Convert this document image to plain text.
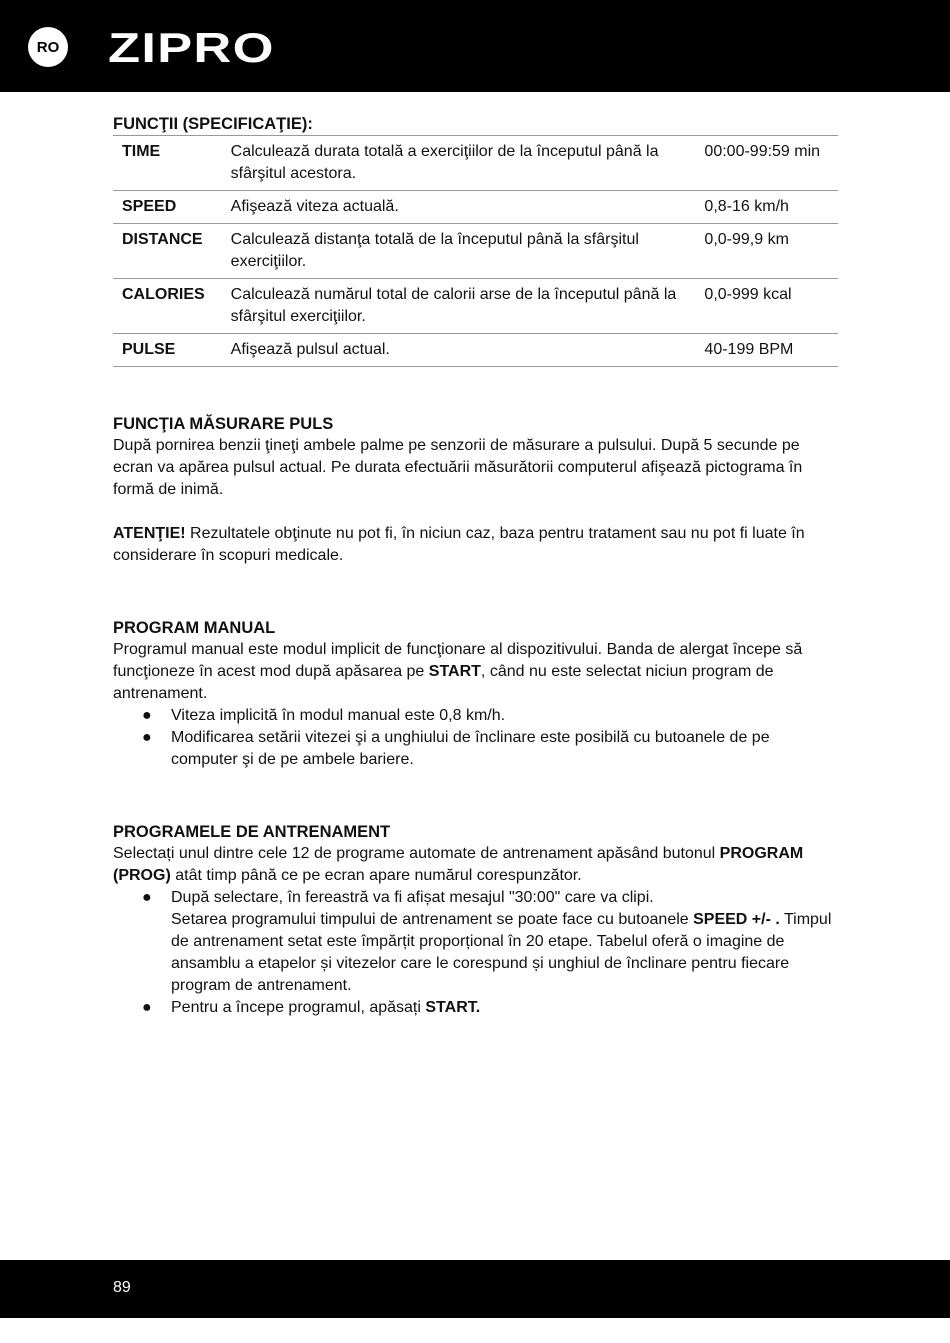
RO ZIPRO
FUNCŢII (SPECIFICAŢIE):
TIME	Calculează durata totală a exerciţiilor de la începutul până la sfârşitul acestora.	00:00-99:59 min
SPEED	Afişează viteza actuală.	0,8-16 km/h
DISTANCE	Calculează distanţa totală de la începutul până la sfârşitul exerciţiilor.	0,0-99,9 km
CALORIES	Calculează numărul total de calorii arse de la începutul până la sfârşitul exerciţiilor.	0,0-999 kcal
PULSE	Afişează pulsul actual.	40-199 BPM
FUNCŢIA MĂSURARE PULS

După pornirea benzii ţineţi ambele palme pe senzorii de măsurare a pulsului. După 5 secunde pe ecran va apărea pulsul actual. Pe durata efectuării măsurătorii computerul afişează pictograma în formă de inimă.

ATENŢIE! Rezultatele obţinute nu pot fi, în niciun caz, baza pentru tratament sau nu pot fi luate în considerare în scopuri medicale.

PROGRAM MANUAL

Programul manual este modul implicit de funcţionare al dispozitivului. Banda de alergat începe să funcţioneze în acest mod după apăsarea pe START, când nu este selectat niciun program de antrenament.

● Viteza implicită în modul manual este 0,8 km/h.
● Modificarea setării vitezei şi a unghiului de înclinare este posibilă cu butoanele de pe computer şi de pe ambele bariere.
PROGRAMELE DE ANTRENAMENT

Selectați unul dintre cele 12 de programe automate de antrenament apăsând butonul PROGRAM (PROG) atât timp până ce pe ecran apare numărul corespunzător.

● După selectare, în fereastră va fi afișat mesajul "30:00" care va clipi.
Setarea programului timpului de antrenament se poate face cu butoanele SPEED +/- . Timpul de antrenament setat este împărțit proporțional în 20 etape. Tabelul oferă o imagine de ansamblu a etapelor și vitezelor care le corespund și unghiul de înclinare pentru fiecare program de antrenament.
● Pentru a începe programul, apăsați START.
89
